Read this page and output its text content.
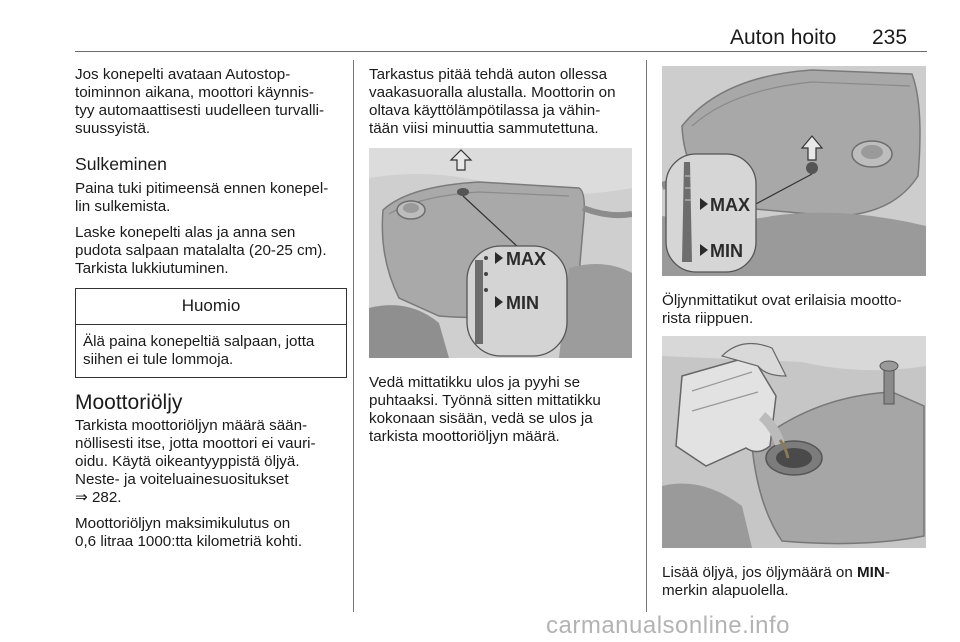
Auton hoito 235

Jos konepelti avataan Autostop-
toiminnon aikana, moottori käynnis-
tyy automaattisesti uudelleen turvalli-
suussyistä.

Sulkeminen

Paina tuki pitimeensä ennen konepel-
lin sulkemista.

Laske konepelti alas ja anna sen
pudota salpaan matalalta (20-25 cm).
Tarkista lukkiutuminen.

Huomio
Älä paina konepeltiä salpaan, jotta
siihen ei tule lommoja.
Moottoriöljy

Tarkista moottoriöljyn määrä sään-
nöllisesti itse, jotta moottori ei vauri-
oidu. Käytä oikeantyyppistä öljyä.
Neste- ja voiteluainesuositukset
⇒ 282.

Moottoriöljyn maksimikulutus on
0,6 litraa 1000:tta kilometriä kohti.

Tarkastus pitää tehdä auton ollessa
vaakasuoralla alustalla. Moottorin on
oltava käyttölämpötilassa ja vähin-
tään viisi minuuttia sammutettuna.

MAX
MIN

Vedä mittatikku ulos ja pyyhi se
puhtaaksi. Työnnä sitten mittatikku
kokonaan sisään, vedä se ulos ja
tarkista moottoriöljyn määrä.

MAX
MIN

Öljynmittatikut ovat erilaisia mootto-
rista riippuen.

Lisää öljyä, jos öljymäärä on MIN-
merkin alapuolella.

carmanualsonline.info
